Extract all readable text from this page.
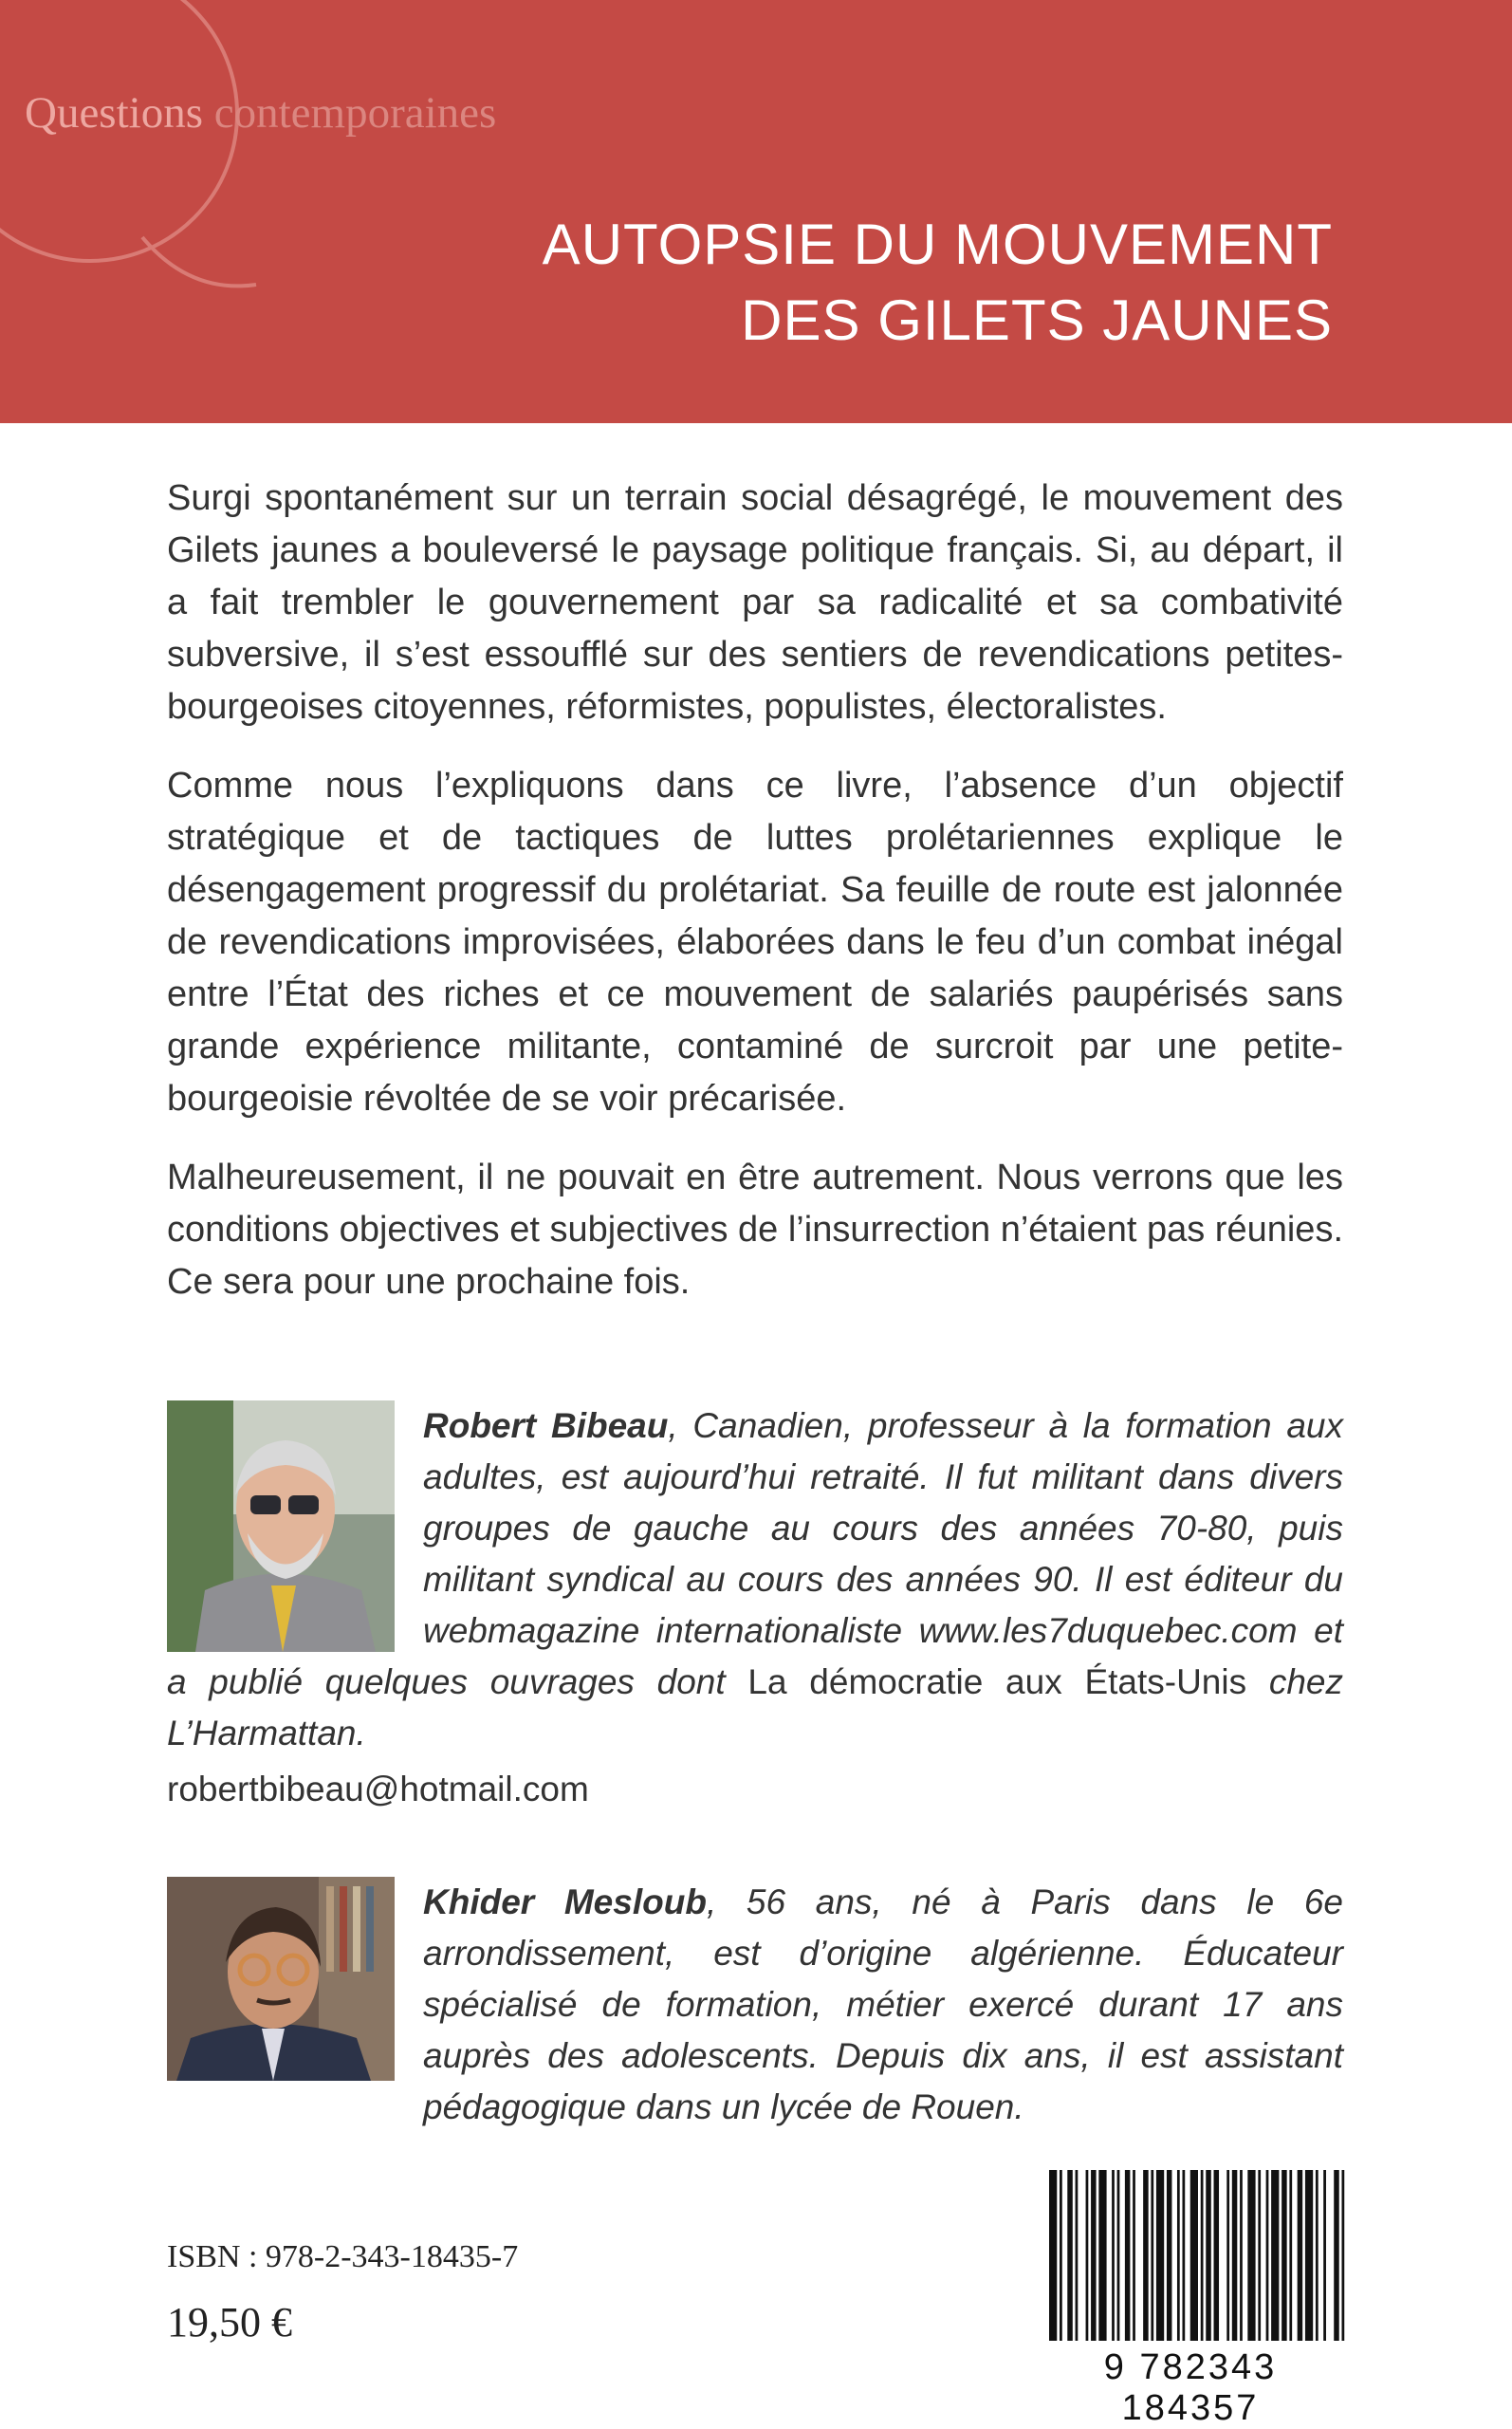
Questions contemporaines
AUTOPSIE DU MOUVEMENT
DES GILETS JAUNES

Surgi spontanément sur un terrain social désagrégé, le mouvement des Gilets jaunes a bouleversé le paysage politique français. Si, au départ, il a fait trembler le gouvernement par sa radicalité et sa combativité subversive, il s’est essoufflé sur des sentiers de revendications petites-bourgeoises citoyennes, réformistes, populistes, électoralistes.

Comme nous l’expliquons dans ce livre, l’absence d’un objectif stratégique et de tactiques de luttes prolétariennes explique le désengagement progressif du prolétariat. Sa feuille de route est jalonnée de revendications improvisées, élaborées dans le feu d’un combat inégal entre l’État des riches et ce mouvement de salariés paupérisés sans grande expérience militante, contaminé de surcroit par une petite-bourgeoisie révoltée de se voir précarisée.

Malheureusement, il ne pouvait en être autrement. Nous verrons que les conditions objectives et subjectives de l’insurrection n’étaient pas réunies. Ce sera pour une prochaine fois.

Robert Bibeau, Canadien, professeur à la formation aux adultes, est aujourd’hui retraité. Il fut militant dans divers groupes de gauche au cours des années 70-80, puis militant syndical au cours des années 90. Il est éditeur du webmagazine internationaliste www.les7duquebec.com et a publié quelques ouvrages dont La démocratie aux États-Unis chez L’Harmattan.
robertbibeau@hotmail.com
Khider Mesloub, 56 ans, né à Paris dans le 6e arrondissement, est d’origine algérienne. Éducateur spécialisé de formation, métier exercé durant 17 ans auprès des adolescents. Depuis dix ans, il est assistant pédagogique dans un lycée de Rouen.
ISBN : 978-2-343-18435-7
19,50 €
9 782343 184357
